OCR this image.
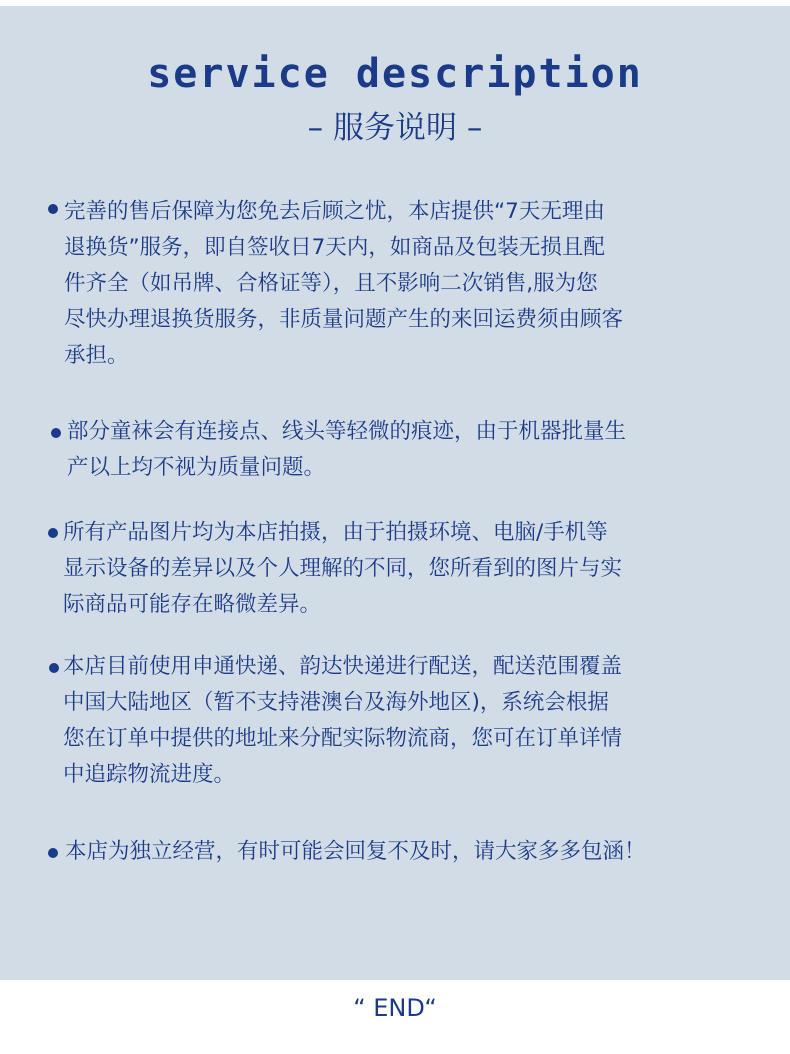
service description
– 服务说明 –
完善的售后保障为您免去后顾之忧，本店提供“7天无理由
退换货”服务，即自签收日7天内，如商品及包装无损且配
件齐全（如吊牌、合格证等），且不影响二次销售,服为您
尽快办理退换货服务，非质量问题产生的来回运费须由顾客
承担。
部分童袜会有连接点、线头等轻微的痕迹，由于机器批量生
产以上均不视为质量问题。
所有产品图片均为本店拍摄，由于拍摄环境、电脑/手机等
显示设备的差异以及个人理解的不同，您所看到的图片与实
际商品可能存在略微差异。
本店目前使用申通快递、韵达快递进行配送，配送范围覆盖
中国大陆地区（暂不支持港澳台及海外地区)，系统会根据
您在订单中提供的地址来分配实际物流商，您可在订单详情
中追踪物流进度。
本店为独立经营，有时可能会回复不及时，请大家多多包涵！
“ END“
